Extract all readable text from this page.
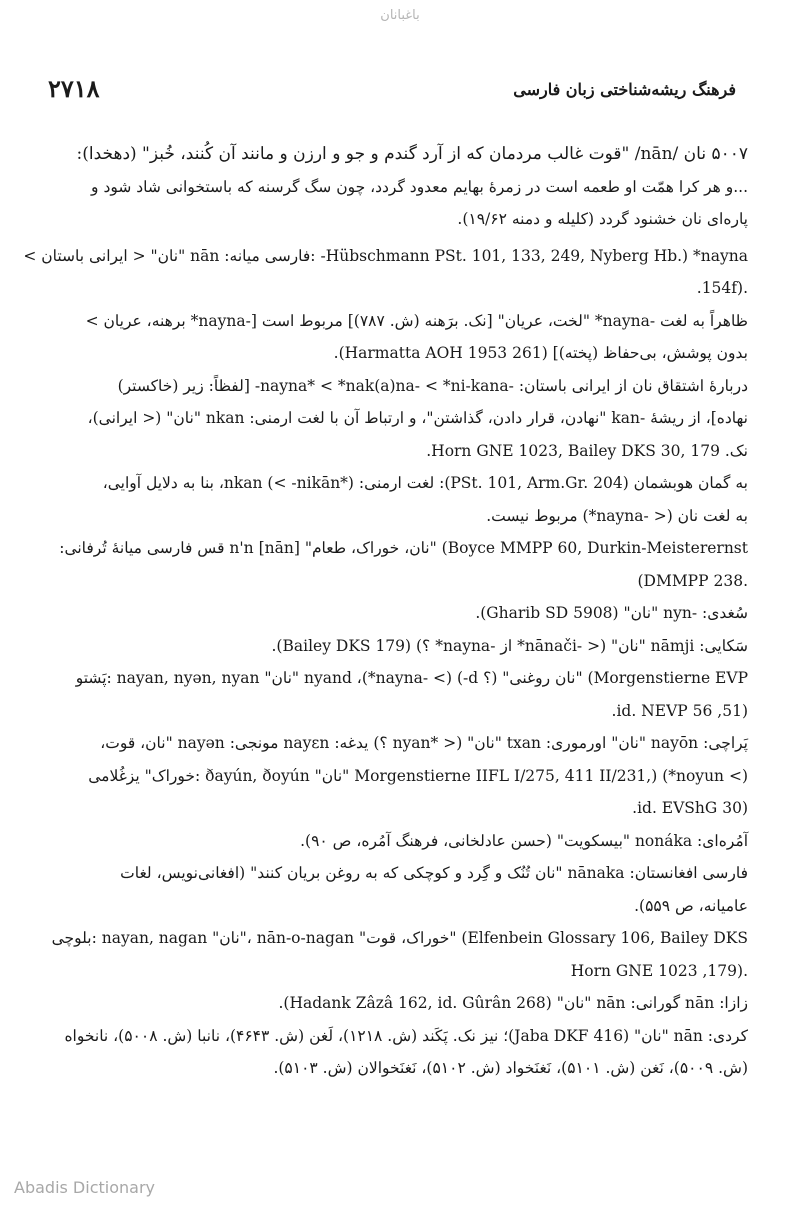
باغبانان
۲۷۱۸	فرهنگ ریشه‌شناختی زبان فارسی
۵۰۰۷ نان /nān/ "قوت غالب مردمان که از آرد گندم و جو و ارزن و مانند آن کُنند، خُبز" (دهخدا):
...و هر کرا همّت او طعمه است در زمرهٔ بهایم معدود گردد، چون سگ گرسنه که باستخوانی شاد شود و
پاره‌ای نان خشنود گردد (کلیله و دمنه ۱۹/۶۲).
Hübschmann PSt. 101, 133, 249, Nyberg Hb.) *nayna- :فارسی میانه: nān "نان" < ایرانی باستان >
.(154f.
ظاهراً به لغت -nayna* "لخت، عریان" [نک. برَهنه (ش. ۷۸۷)] مربوط است [-nayna* برهنه، عریان >
بدون پوشش، بی‌حفاظ (پخته)] (Harmatta AOH 1953 261).
دربارهٔ اشتقاق نان از ایرانی باستان: -nayna* < *nak(a)na- < *ni-kana- [لفظاً: زیر (خاکستر)
نهاده]، از ریشهٔ -kan "نهادن، قرار دادن، گذاشتن"، و ارتباط آن با لغت ارمنی: nkan "نان" (< ایرانی)،
نک. Horn GNE 1023, Bailey DKS 30, 179.
به گمان هوبشمان (PSt. 101, Arm.Gr. 204): لغت ارمنی: nkan (< -nikān*)، بنا به دلایل آوایی،
به لغت نان (< -nayna*) مربوط نیست.
Boyce MMPP 60, Durkin-Meisterernst) "نان، خوراک، طعام" [nān] n'n قس فارسی میانهٔ تُرفانی:
.DMMPP 238)
سُغدی: -nyn "نان" (Gharib SD 5908).
سَکایی: nāmji "نان" (< -nānači* از -nayna* ؟) (Bailey DKS 179).
Morgenstierne EVP) "نان روغنی" (؟ d-) nyand ،(*nayna- <) "نان" nayan, nyən, nyan :پَشتو
(51, id. NEVP 56.
پَراچی: nayōn "نان" اورموری: txan "نان" (< *nyan ؟) یدغه: nayεn مونجی: nayən "نان، قوت،
Morgenstierne IIFL I/275, 411 II/231,) (*noyun <) "نان" ðayún, ðoyún :خوراک" یزغُلامی
(id. EVShG 30.
آمُره‌ای: nonáka "بیسکویت" (حسن عادلخانی، فرهنگ آمُره، ص ۹۰).
فارسی افغانستان: nānaka "نان تُنُک و گِرد و کوچکی که به روغن بریان کنند" (افغانی‌نویس، لغات
عامیانه، ص ۵۵۹).
Elfenbein Glossary 106, Bailey DKS) "خوراک، قوت" nān-o-nagan ،"نان" nayan, nagan :بلوچی
.(179, Horn GNE 1023
زازا: nān گورانی: nān "نان" (Hadank Zâzâ 162, id. Gûrân 268).
کردی: nān "نان" (Jaba DKF 416)؛ نیز نک. پَکَند (ش. ۱۲۱۸)، لَغن (ش. ۴۶۴۳)، نانبا (ش. ۵۰۰۸)، نانخواه
(ش. ۵۰۰۹)، نَغن (ش. ۵۱۰۱)، نَغنَخواد (ش. ۵۱۰۲)، نَغنَخوالان (ش. ۵۱۰۳).
Abadis Dictionary
